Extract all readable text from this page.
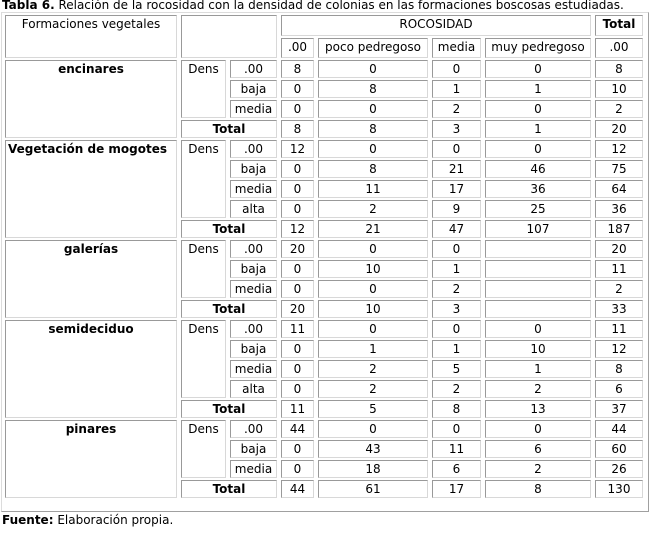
Tabla 6. Relación de la rocosidad con la densidad de colonias en las formaciones boscosas estudiadas.
Formaciones vegetales			ROCOSIDAD				Total
			.00	poco pedregoso	media	muy pedregoso	.00
encinares	Dens	.00	8	0	0	0	8
		baja	0	8	1	1	10
		media	0	0	2	0	2
	Total		8	8	3	1	20
Vegetación de mogotes	Dens	.00	12	0	0	0	12
		baja	0	8	21	46	75
		media	0	11	17	36	64
		alta	0	2	9	25	36
	Total		12	21	47	107	187
galerías	Dens	.00	20	0	0		20
		baja	0	10	1		11
		media	0	0	2		2
	Total		20	10	3		33
semideciduo	Dens	.00	11	0	0	0	11
		baja	0	1	1	10	12
		media	0	2	5	1	8
		alta	0	2	2	2	6
	Total		11	5	8	13	37
pinares	Dens	.00	44	0	0	0	44
		baja	0	43	11	6	60
		media	0	18	6	2	26
	Total		44	61	17	8	130
Fuente: Elaboración propia.
